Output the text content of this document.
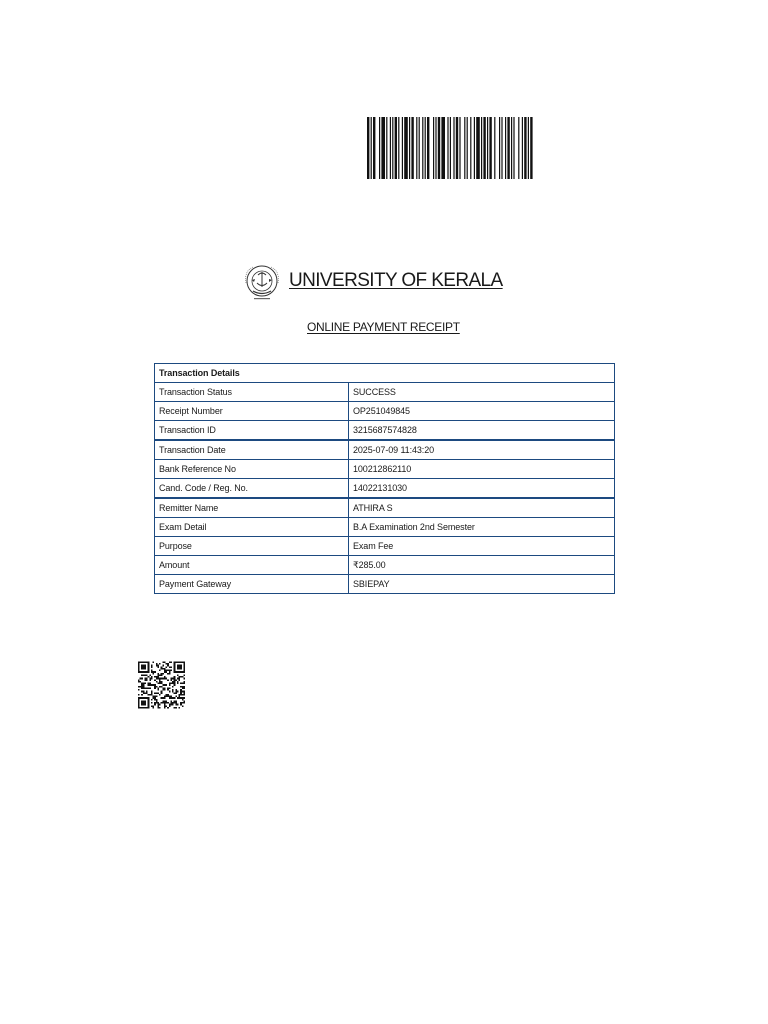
UNIVERSITY OF KERALA
ONLINE PAYMENT RECEIPT
Transaction Details	
Transaction Status	SUCCESS
Receipt Number	OP251049845
Transaction ID	3215687574828
Transaction Date	2025-07-09 11:43:20
Bank Reference No	100212862110
Cand. Code / Reg. No.	14022131030
Remitter Name	ATHIRA S
Exam Detail	B.A Examination 2nd Semester
Purpose	Exam Fee
Amount	₹285.00
Payment Gateway	SBIEPAY
